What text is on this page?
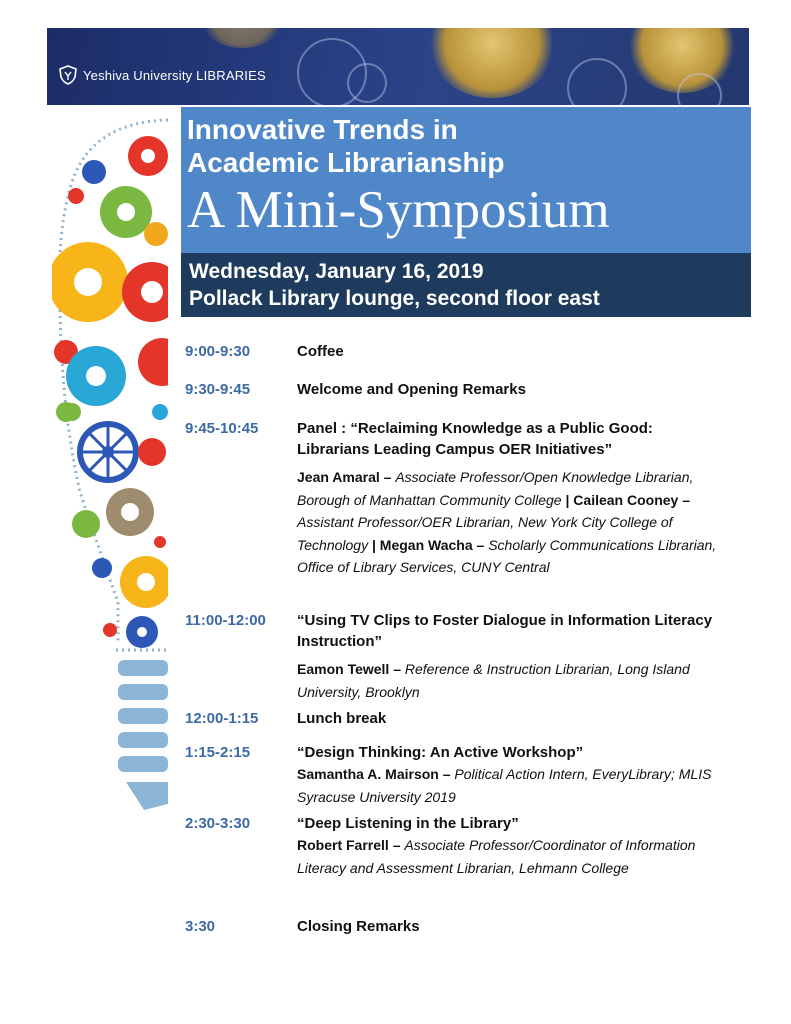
Yeshiva University LIBRARIES
Innovative Trends in
Academic Librarianship
A Mini-Symposium
Wednesday, January 16, 2019
Pollack Library lounge, second floor east
9:00-9:30	Coffee
9:30-9:45	Welcome and Opening Remarks
9:45-10:45	Panel : “Reclaiming Knowledge as a Public Good: Librarians Leading Campus OER Initiatives”
Jean Amaral – Associate Professor/Open Knowledge Librarian, Borough of Manhattan Community College | Cailean Cooney – Assistant Professor/OER Librarian, New York City College of Technology | Megan Wacha – Scholarly Communications Librarian, Office of Library Services, CUNY Central
11:00-12:00 “Using TV Clips to Foster Dialogue in Information Literacy Instruction”
Eamon Tewell – Reference & Instruction Librarian, Long Island University, Brooklyn
12:00-1:15	Lunch break
1:15-2:15	“Design Thinking: An Active Workshop”
Samantha A. Mairson – Political Action Intern, EveryLibrary; MLIS Syracuse University 2019
2:30-3:30	“Deep Listening in the Library”
Robert Farrell – Associate Professor/Coordinator of Information Literacy and Assessment Librarian, Lehmann College
3:30	Closing Remarks
